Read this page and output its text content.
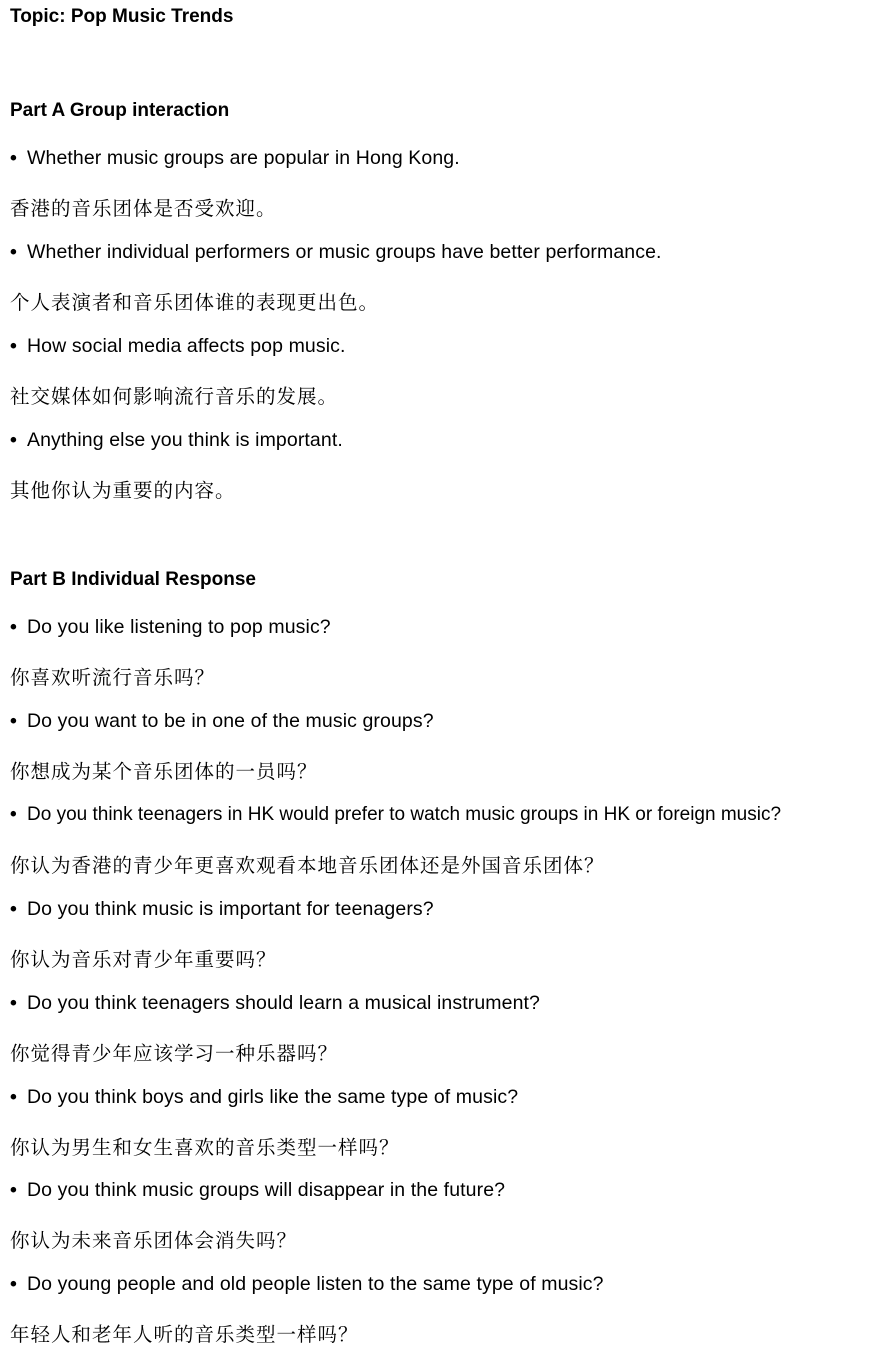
Topic: Pop Music Trends
Part A Group interaction
• Whether music groups are popular in Hong Kong.
香港的音乐团体是否受欢迎。
• Whether individual performers or music groups have better performance.
个人表演者和音乐团体谁的表现更出色。
• How social media affects pop music.
社交媒体如何影响流行音乐的发展。
• Anything else you think is important.
其他你认为重要的内容。
Part B Individual Response
• Do you like listening to pop music?
你喜欢听流行音乐吗？
• Do you want to be in one of the music groups?
你想成为某个音乐团体的一员吗？
• Do you think teenagers in HK would prefer to watch music groups in HK or foreign music?
你认为香港的青少年更喜欢观看本地音乐团体还是外国音乐团体？
• Do you think music is important for teenagers?
你认为音乐对青少年重要吗？
• Do you think teenagers should learn a musical instrument?
你觉得青少年应该学习一种乐器吗？
• Do you think boys and girls like the same type of music?
你认为男生和女生喜欢的音乐类型一样吗？
• Do you think music groups will disappear in the future?
你认为未来音乐团体会消失吗？
• Do young people and old people listen to the same type of music?
年轻人和老年人听的音乐类型一样吗？
